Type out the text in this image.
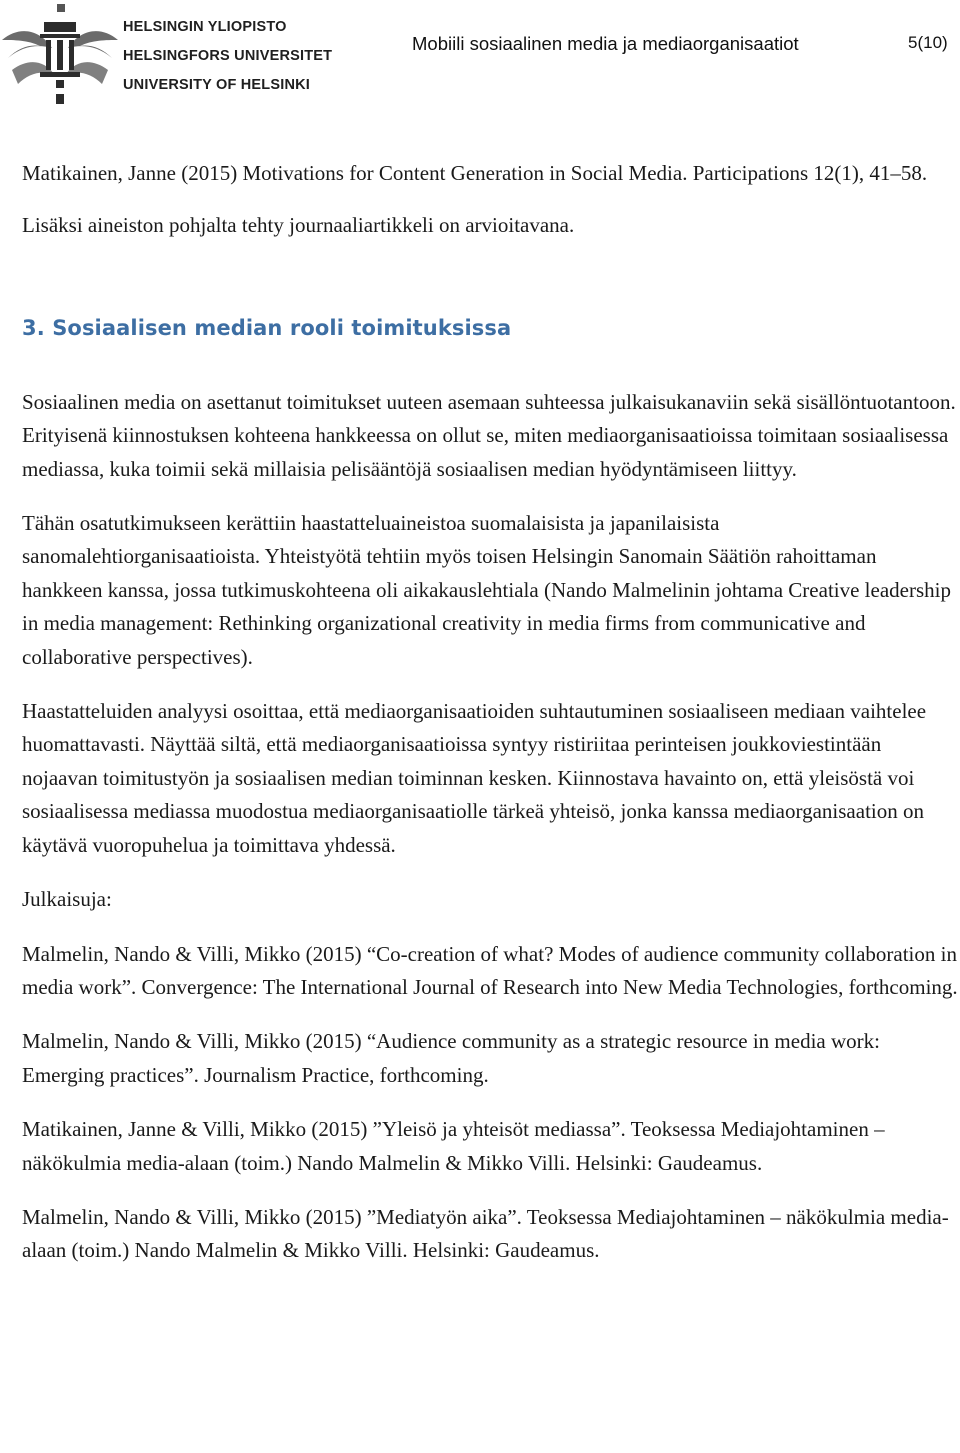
HELSINGIN YLIOPISTO
HELSINGFORS UNIVERSITET
UNIVERSITY OF HELSINKI
Mobiili sosiaalinen media ja mediaorganisaatiot	5(10)

Matikainen, Janne (2015) Motivations for Content Generation in Social Media. Participations 12(1), 41–58.

Lisäksi aineiston pohjalta tehty journaaliartikkeli on arvioitavana.

3. Sosiaalisen median rooli toimituksissa

Sosiaalinen media on asettanut toimitukset uuteen asemaan suhteessa julkaisukanaviin sekä sisällöntuotantoon. Erityisenä kiinnostuksen kohteena hankkeessa on ollut se, miten mediaorganisaatioissa toimitaan sosiaalisessa mediassa, kuka toimii sekä millaisia pelisääntöjä sosiaalisen median hyödyntämiseen liittyy.

Tähän osatutkimukseen kerättiin haastatteluaineistoa suomalaisista ja japanilaisista sanomalehtiorganisaatioista. Yhteistyötä tehtiin myös toisen Helsingin Sanomain Säätiön rahoittaman hankkeen kanssa, jossa tutkimuskohteena oli aikakauslehtiala (Nando Malmelinin johtama Creative leadership in media management: Rethinking organizational creativity in media firms from communicative and collaborative perspectives).

Haastatteluiden analyysi osoittaa, että mediaorganisaatioiden suhtautuminen sosiaaliseen mediaan vaihtelee huomattavasti. Näyttää siltä, että mediaorganisaatioissa syntyy ristiriitaa perinteisen joukkoviestintään nojaavan toimitustyön ja sosiaalisen median toiminnan kesken. Kiinnostava havainto on, että yleisöstä voi sosiaalisessa mediassa muodostua mediaorganisaatiolle tärkeä yhteisö, jonka kanssa mediaorganisaation on käytävä vuoropuhelua ja toimittava yhdessä.

Julkaisuja:

Malmelin, Nando & Villi, Mikko (2015) “Co-creation of what? Modes of audience community collaboration in media work”. Convergence: The International Journal of Research into New Media Technologies, forthcoming.

Malmelin, Nando & Villi, Mikko (2015) “Audience community as a strategic resource in media work: Emerging practices”. Journalism Practice, forthcoming.

Matikainen, Janne & Villi, Mikko (2015) ”Yleisö ja yhteisöt mediassa”. Teoksessa Mediajohtaminen – näkökulmia media-alaan (toim.) Nando Malmelin & Mikko Villi. Helsinki: Gaudeamus.

Malmelin, Nando & Villi, Mikko (2015) ”Mediatyön aika”. Teoksessa Mediajohtaminen – näkökulmia media-alaan (toim.) Nando Malmelin & Mikko Villi. Helsinki: Gaudeamus.
